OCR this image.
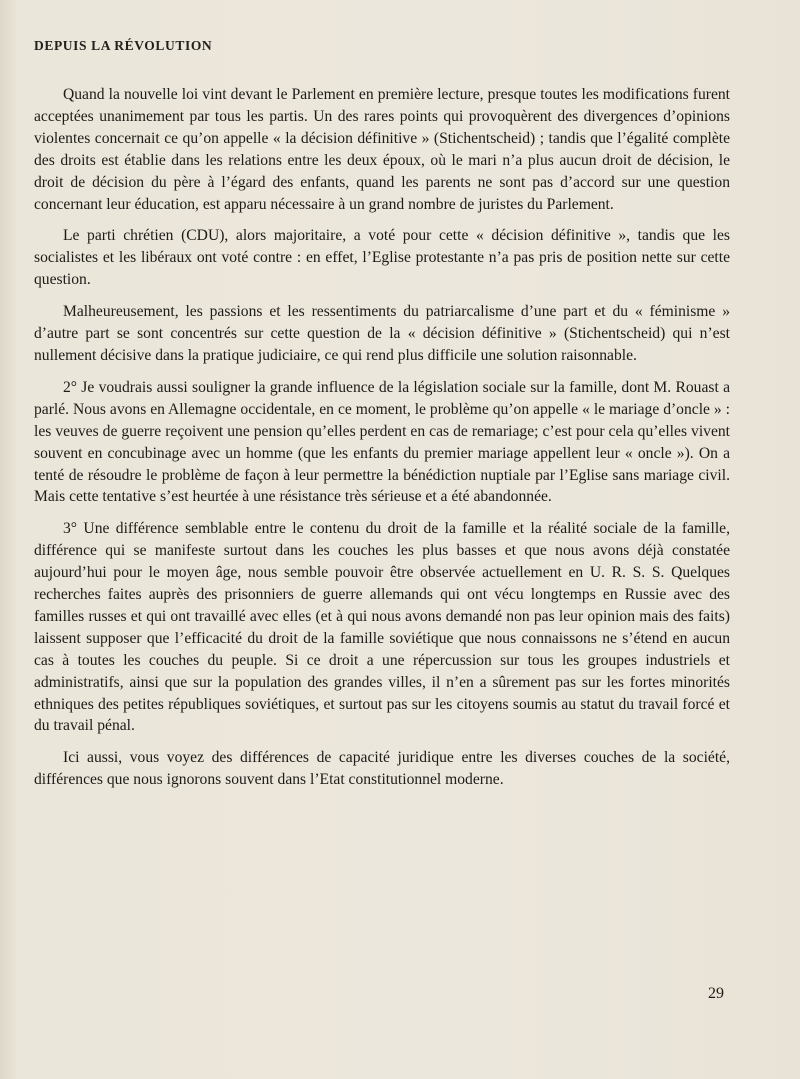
DEPUIS LA RÉVOLUTION

Quand la nouvelle loi vint devant le Parlement en première lecture, presque toutes les modifications furent acceptées unanimement par tous les partis. Un des rares points qui provoquèrent des divergences d’opinions violentes concernait ce qu’on appelle « la décision définitive » (Stichentscheid) ; tandis que l’égalité complète des droits est établie dans les relations entre les deux époux, où le mari n’a plus aucun droit de décision, le droit de décision du père à l’égard des enfants, quand les parents ne sont pas d’accord sur une question concernant leur éducation, est apparu nécessaire à un grand nombre de juristes du Parlement.

Le parti chrétien (CDU), alors majoritaire, a voté pour cette « décision définitive », tandis que les socialistes et les libéraux ont voté contre : en effet, l’Eglise protestante n’a pas pris de position nette sur cette question.

Malheureusement, les passions et les ressentiments du patriarcalisme d’une part et du « féminisme » d’autre part se sont concentrés sur cette question de la « décision définitive » (Stichentscheid) qui n’est nullement décisive dans la pratique judiciaire, ce qui rend plus difficile une solution raisonnable.

2° Je voudrais aussi souligner la grande influence de la législation sociale sur la famille, dont M. Rouast a parlé. Nous avons en Allemagne occidentale, en ce moment, le problème qu’on appelle « le mariage d’oncle » : les veuves de guerre reçoivent une pension qu’elles perdent en cas de remariage; c’est pour cela qu’elles vivent souvent en concubinage avec un homme (que les enfants du premier mariage appellent leur « oncle »). On a tenté de résoudre le problème de façon à leur permettre la bénédiction nuptiale par l’Eglise sans mariage civil. Mais cette tentative s’est heurtée à une résistance très sérieuse et a été abandonnée.

3° Une différence semblable entre le contenu du droit de la famille et la réalité sociale de la famille, différence qui se manifeste surtout dans les couches les plus basses et que nous avons déjà constatée aujourd’hui pour le moyen âge, nous semble pouvoir être observée actuellement en U. R. S. S. Quelques recherches faites auprès des prisonniers de guerre allemands qui ont vécu longtemps en Russie avec des familles russes et qui ont travaillé avec elles (et à qui nous avons demandé non pas leur opinion mais des faits) laissent supposer que l’efficacité du droit de la famille soviétique que nous connaissons ne s’étend en aucun cas à toutes les couches du peuple. Si ce droit a une répercussion sur tous les groupes industriels et administratifs, ainsi que sur la population des grandes villes, il n’en a sûrement pas sur les fortes minorités ethniques des petites républiques soviétiques, et surtout pas sur les citoyens soumis au statut du travail forcé et du travail pénal.

Ici aussi, vous voyez des différences de capacité juridique entre les diverses couches de la société, différences que nous ignorons souvent dans l’Etat constitutionnel moderne.

29
